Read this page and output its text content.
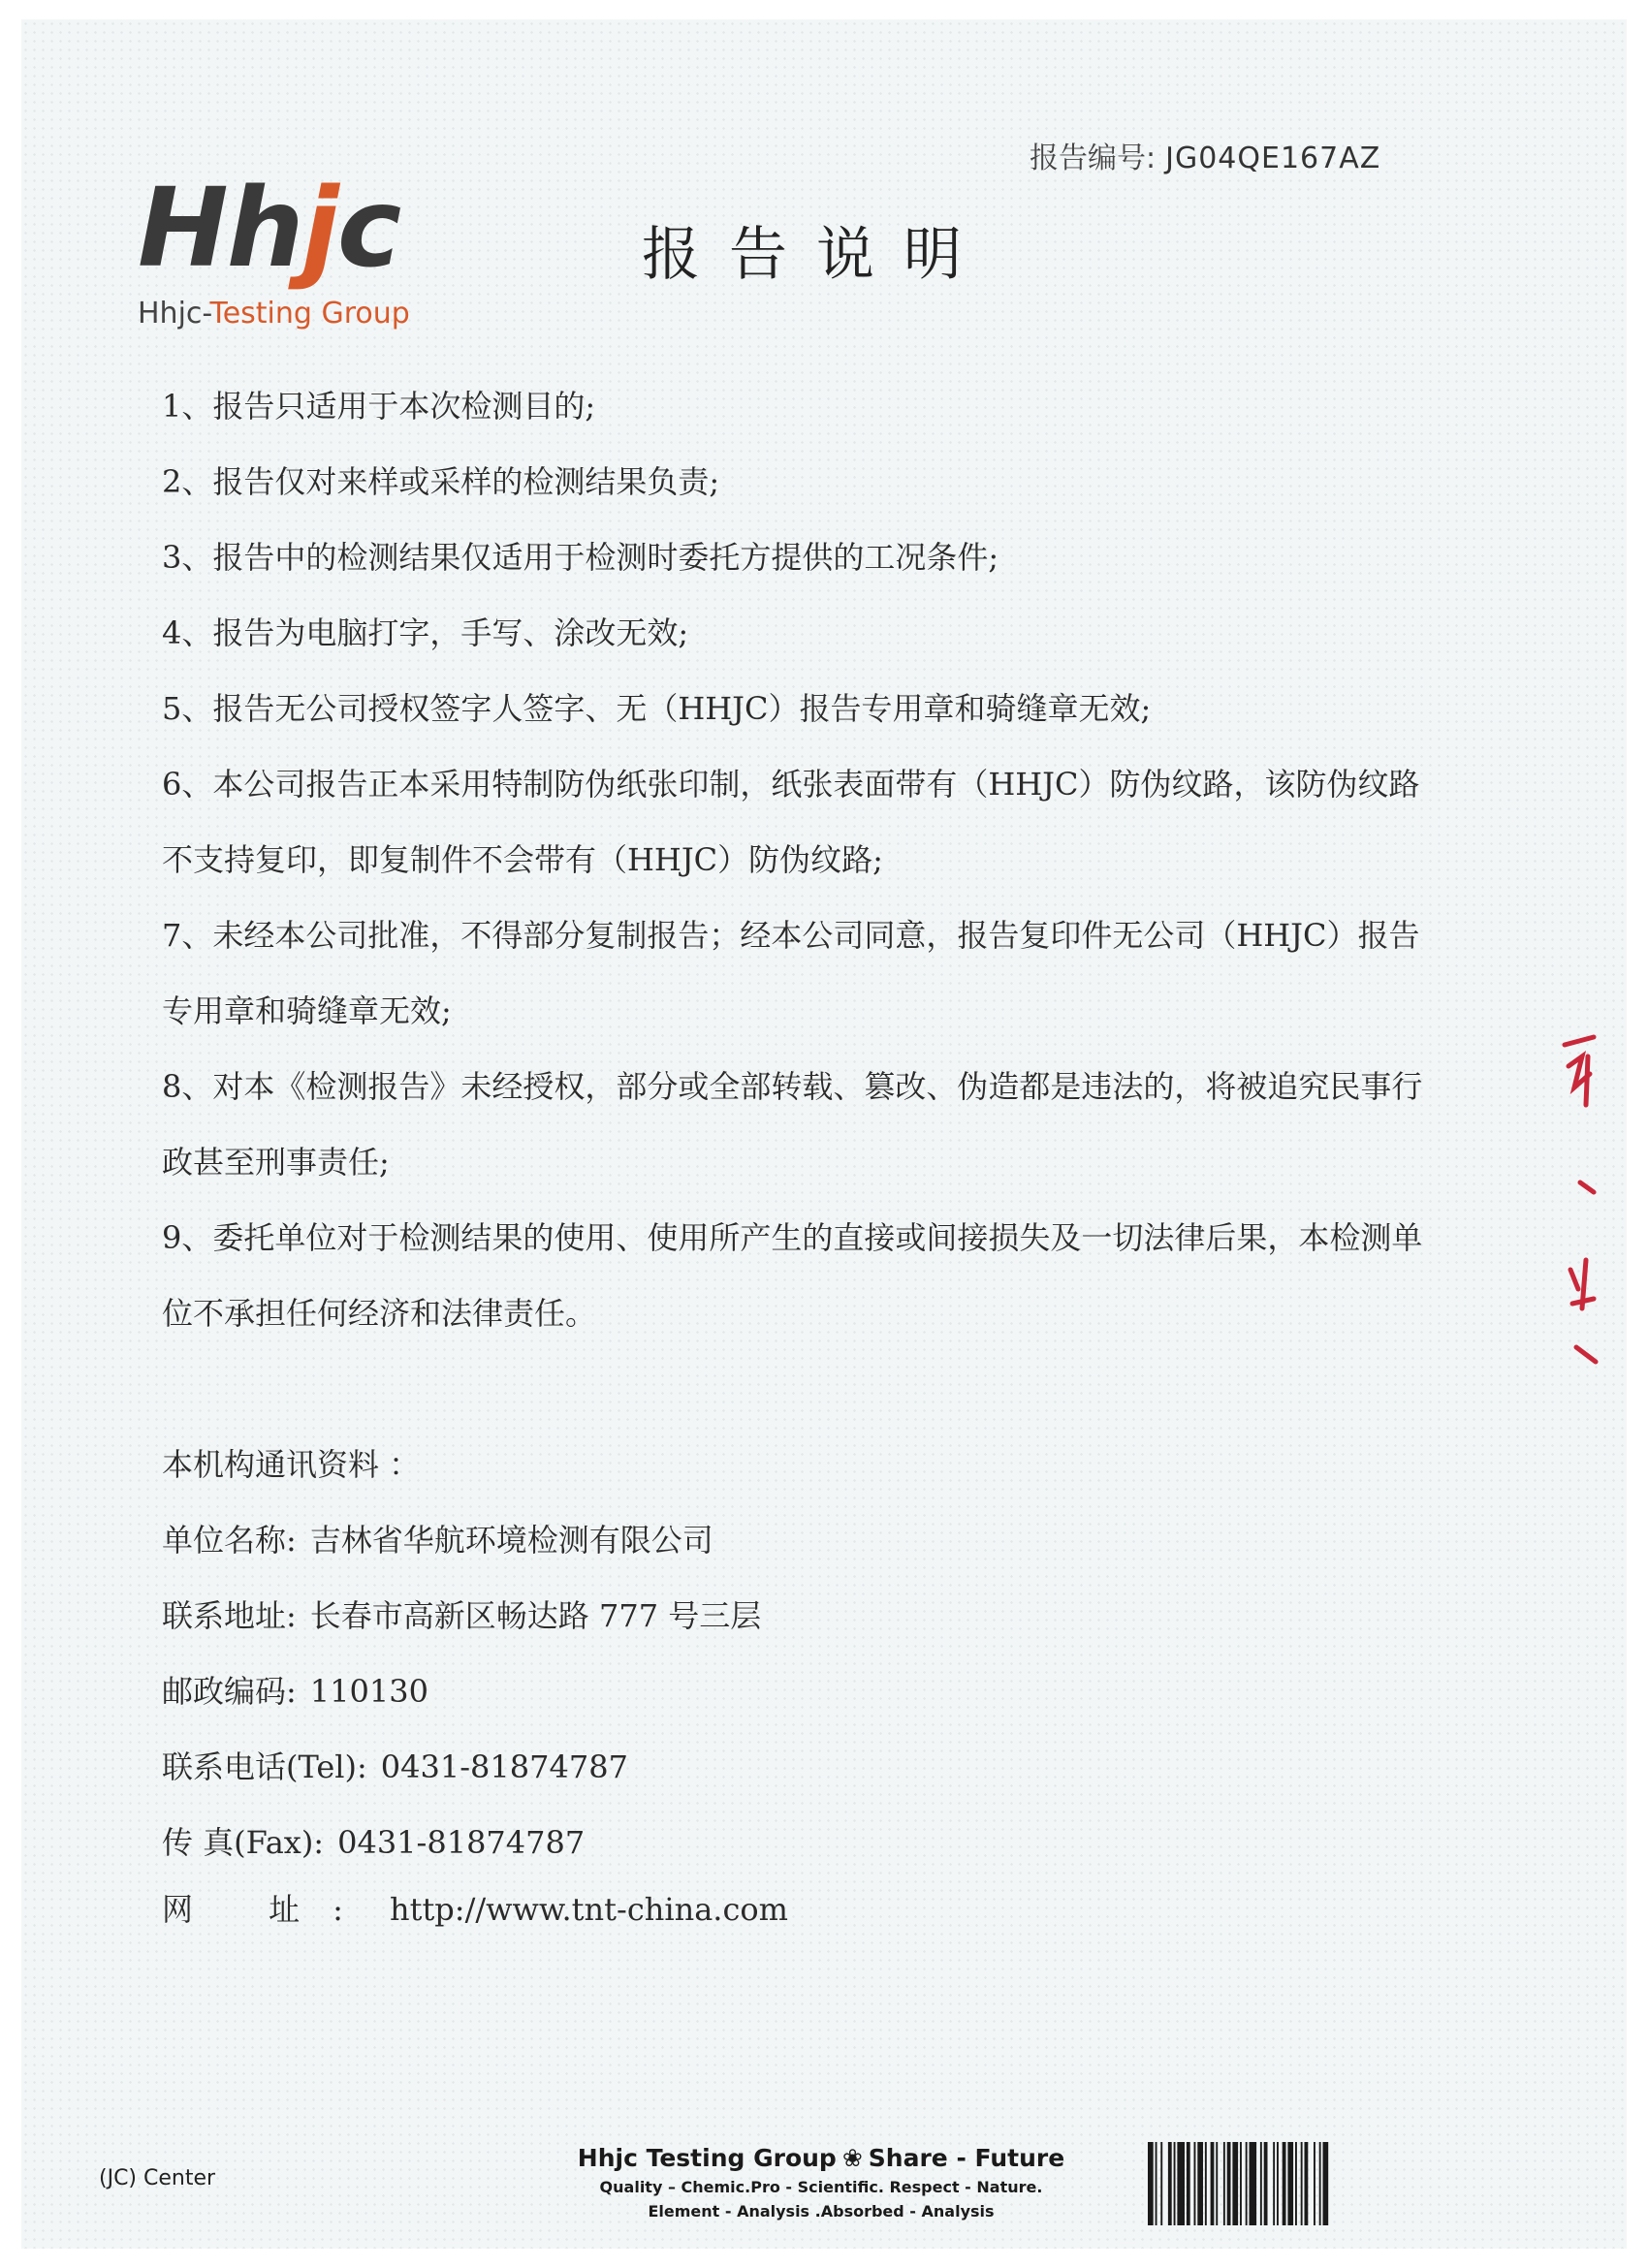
报告编号: JG04QE167AZ
Hhjc
Hhjc-Testing Group
报告说明

1、报告只适用于本次检测目的;

2、报告仅对来样或采样的检测结果负责;

3、报告中的检测结果仅适用于检测时委托方提供的工况条件;

4、报告为电脑打字，手写、涂改无效;

5、报告无公司授权签字人签字、无（HHJC）报告专用章和骑缝章无效;

6、本公司报告正本采用特制防伪纸张印制，纸张表面带有（HHJC）防伪纹路，该防伪纹路不支持复印，即复制件不会带有（HHJC）防伪纹路;

7、未经本公司批准，不得部分复制报告；经本公司同意，报告复印件无公司（HHJC）报告专用章和骑缝章无效;

8、对本《检测报告》未经授权，部分或全部转载、篡改、伪造都是违法的，将被追究民事行政甚至刑事责任;

9、委托单位对于检测结果的使用、使用所产生的直接或间接损失及一切法律后果，本检测单位不承担任何经济和法律责任。

本机构通讯资料 ：
单位名称: 吉林省华航环境检测有限公司
联系地址: 长春市高新区畅达路 777 号三层
邮政编码: 110130
联系电话(Tel): 0431-81874787
传 真(Fax): 0431-81874787
网 址: http://www.tnt-china.com
(JC) Center
Hhjc Testing Group ❀ Share - Future
Quality – Chemic.Pro - Scientific. Respect - Nature.
Element - Analysis .Absorbed - Analysis
